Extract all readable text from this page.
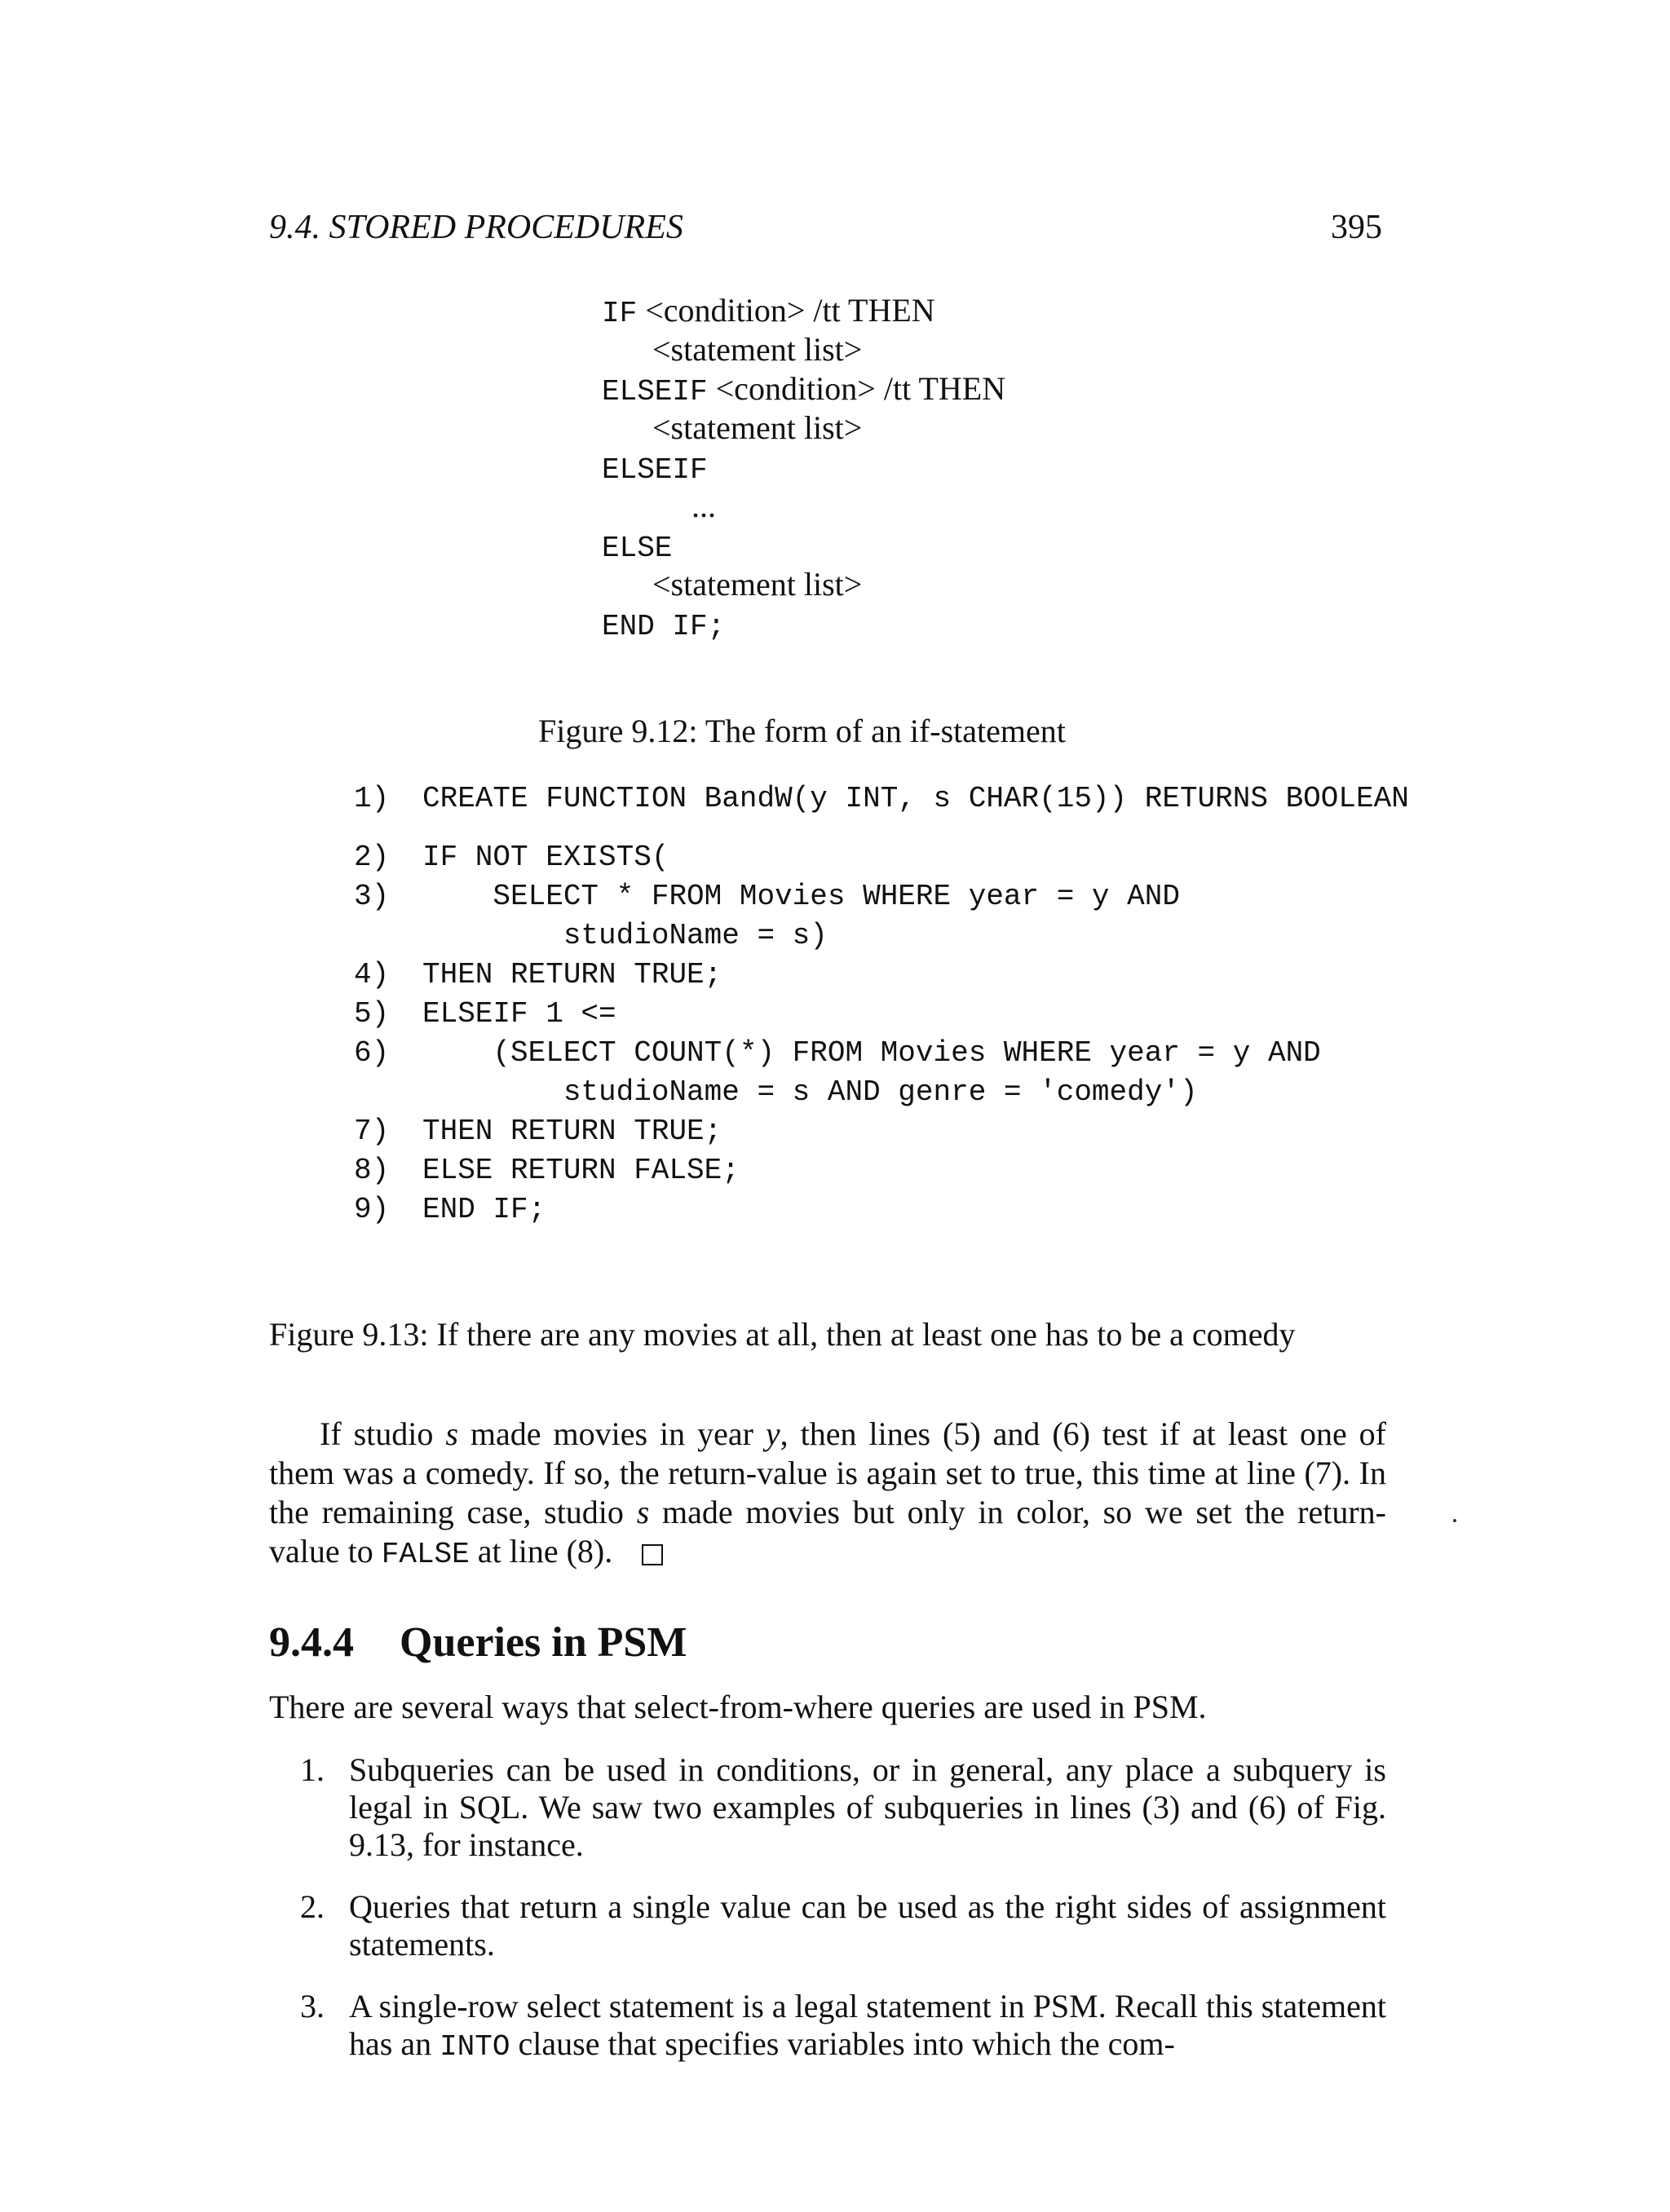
9.4. STORED PROCEDURES	395
IF <condition> /tt THEN
<statement list>
ELSEIF <condition> /tt THEN
<statement list>
ELSEIF
...
ELSE
<statement list>
END IF;
Figure 9.12: The form of an if-statement
1)	CREATE FUNCTION BandW(y INT, s CHAR(15)) RETURNS BOOLEAN
2)	IF NOT EXISTS(
3)	SELECT * FROM Movies WHERE year = y AND
studioName = s)
4)	THEN RETURN TRUE;
5)	ELSEIF 1 <=
6)	(SELECT COUNT(*) FROM Movies WHERE year = y AND
studioName = s AND genre = 'comedy')
7)	THEN RETURN TRUE;
8)	ELSE RETURN FALSE;
9)	END IF;
Figure 9.13: If there are any movies at all, then at least one has to be a comedy

If studio s made movies in year y, then lines (5) and (6) test if at least one of them was a comedy. If so, the return-value is again set to true, this time at line (7). In the remaining case, studio s made movies but only in color, so we set the return-value to FALSE at line (8).

9.4.4 Queries in PSM
There are several ways that select-from-where queries are used in PSM.
1. Subqueries can be used in conditions, or in general, any place a subquery is legal in SQL. We saw two examples of subqueries in lines (3) and (6) of Fig. 9.13, for instance.
2. Queries that return a single value can be used as the right sides of assignment statements.
3. A single-row select statement is a legal statement in PSM. Recall this statement has an INTO clause that specifies variables into which the com-
